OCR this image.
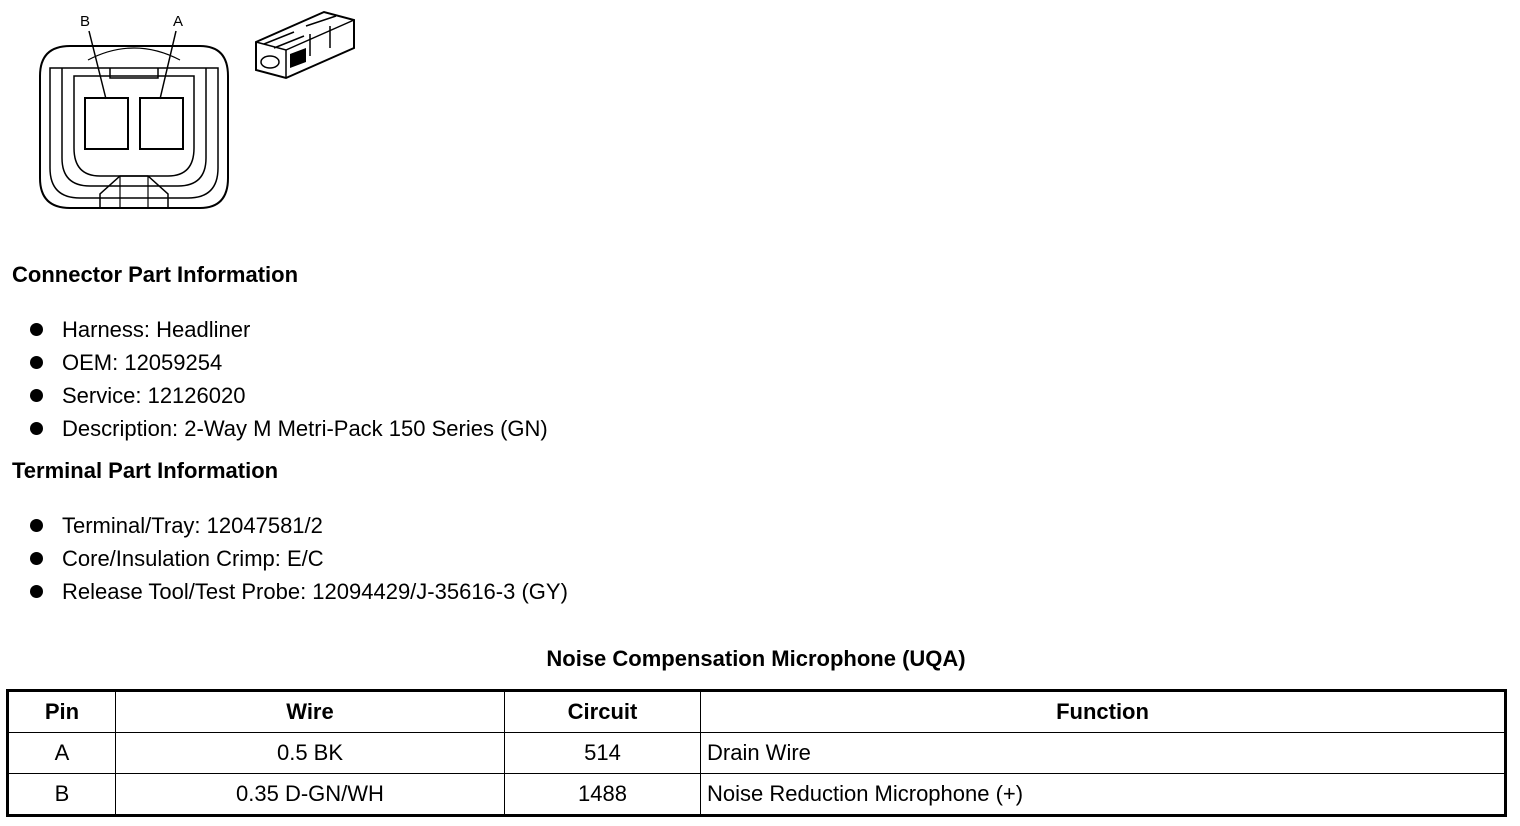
B	A
Connector Part Information
Harness: Headliner
OEM: 12059254
Service: 12126020
Description: 2-Way M Metri-Pack 150 Series (GN)
Terminal Part Information
Terminal/Tray: 12047581/2
Core/Insulation Crimp: E/C
Release Tool/Test Probe: 12094429/J-35616-3 (GY)
Noise Compensation Microphone (UQA)
Pin	Wire	Circuit	Function
A	0.5 BK	514	Drain Wire
B	0.35 D-GN/WH	1488	Noise Reduction Microphone (+)
